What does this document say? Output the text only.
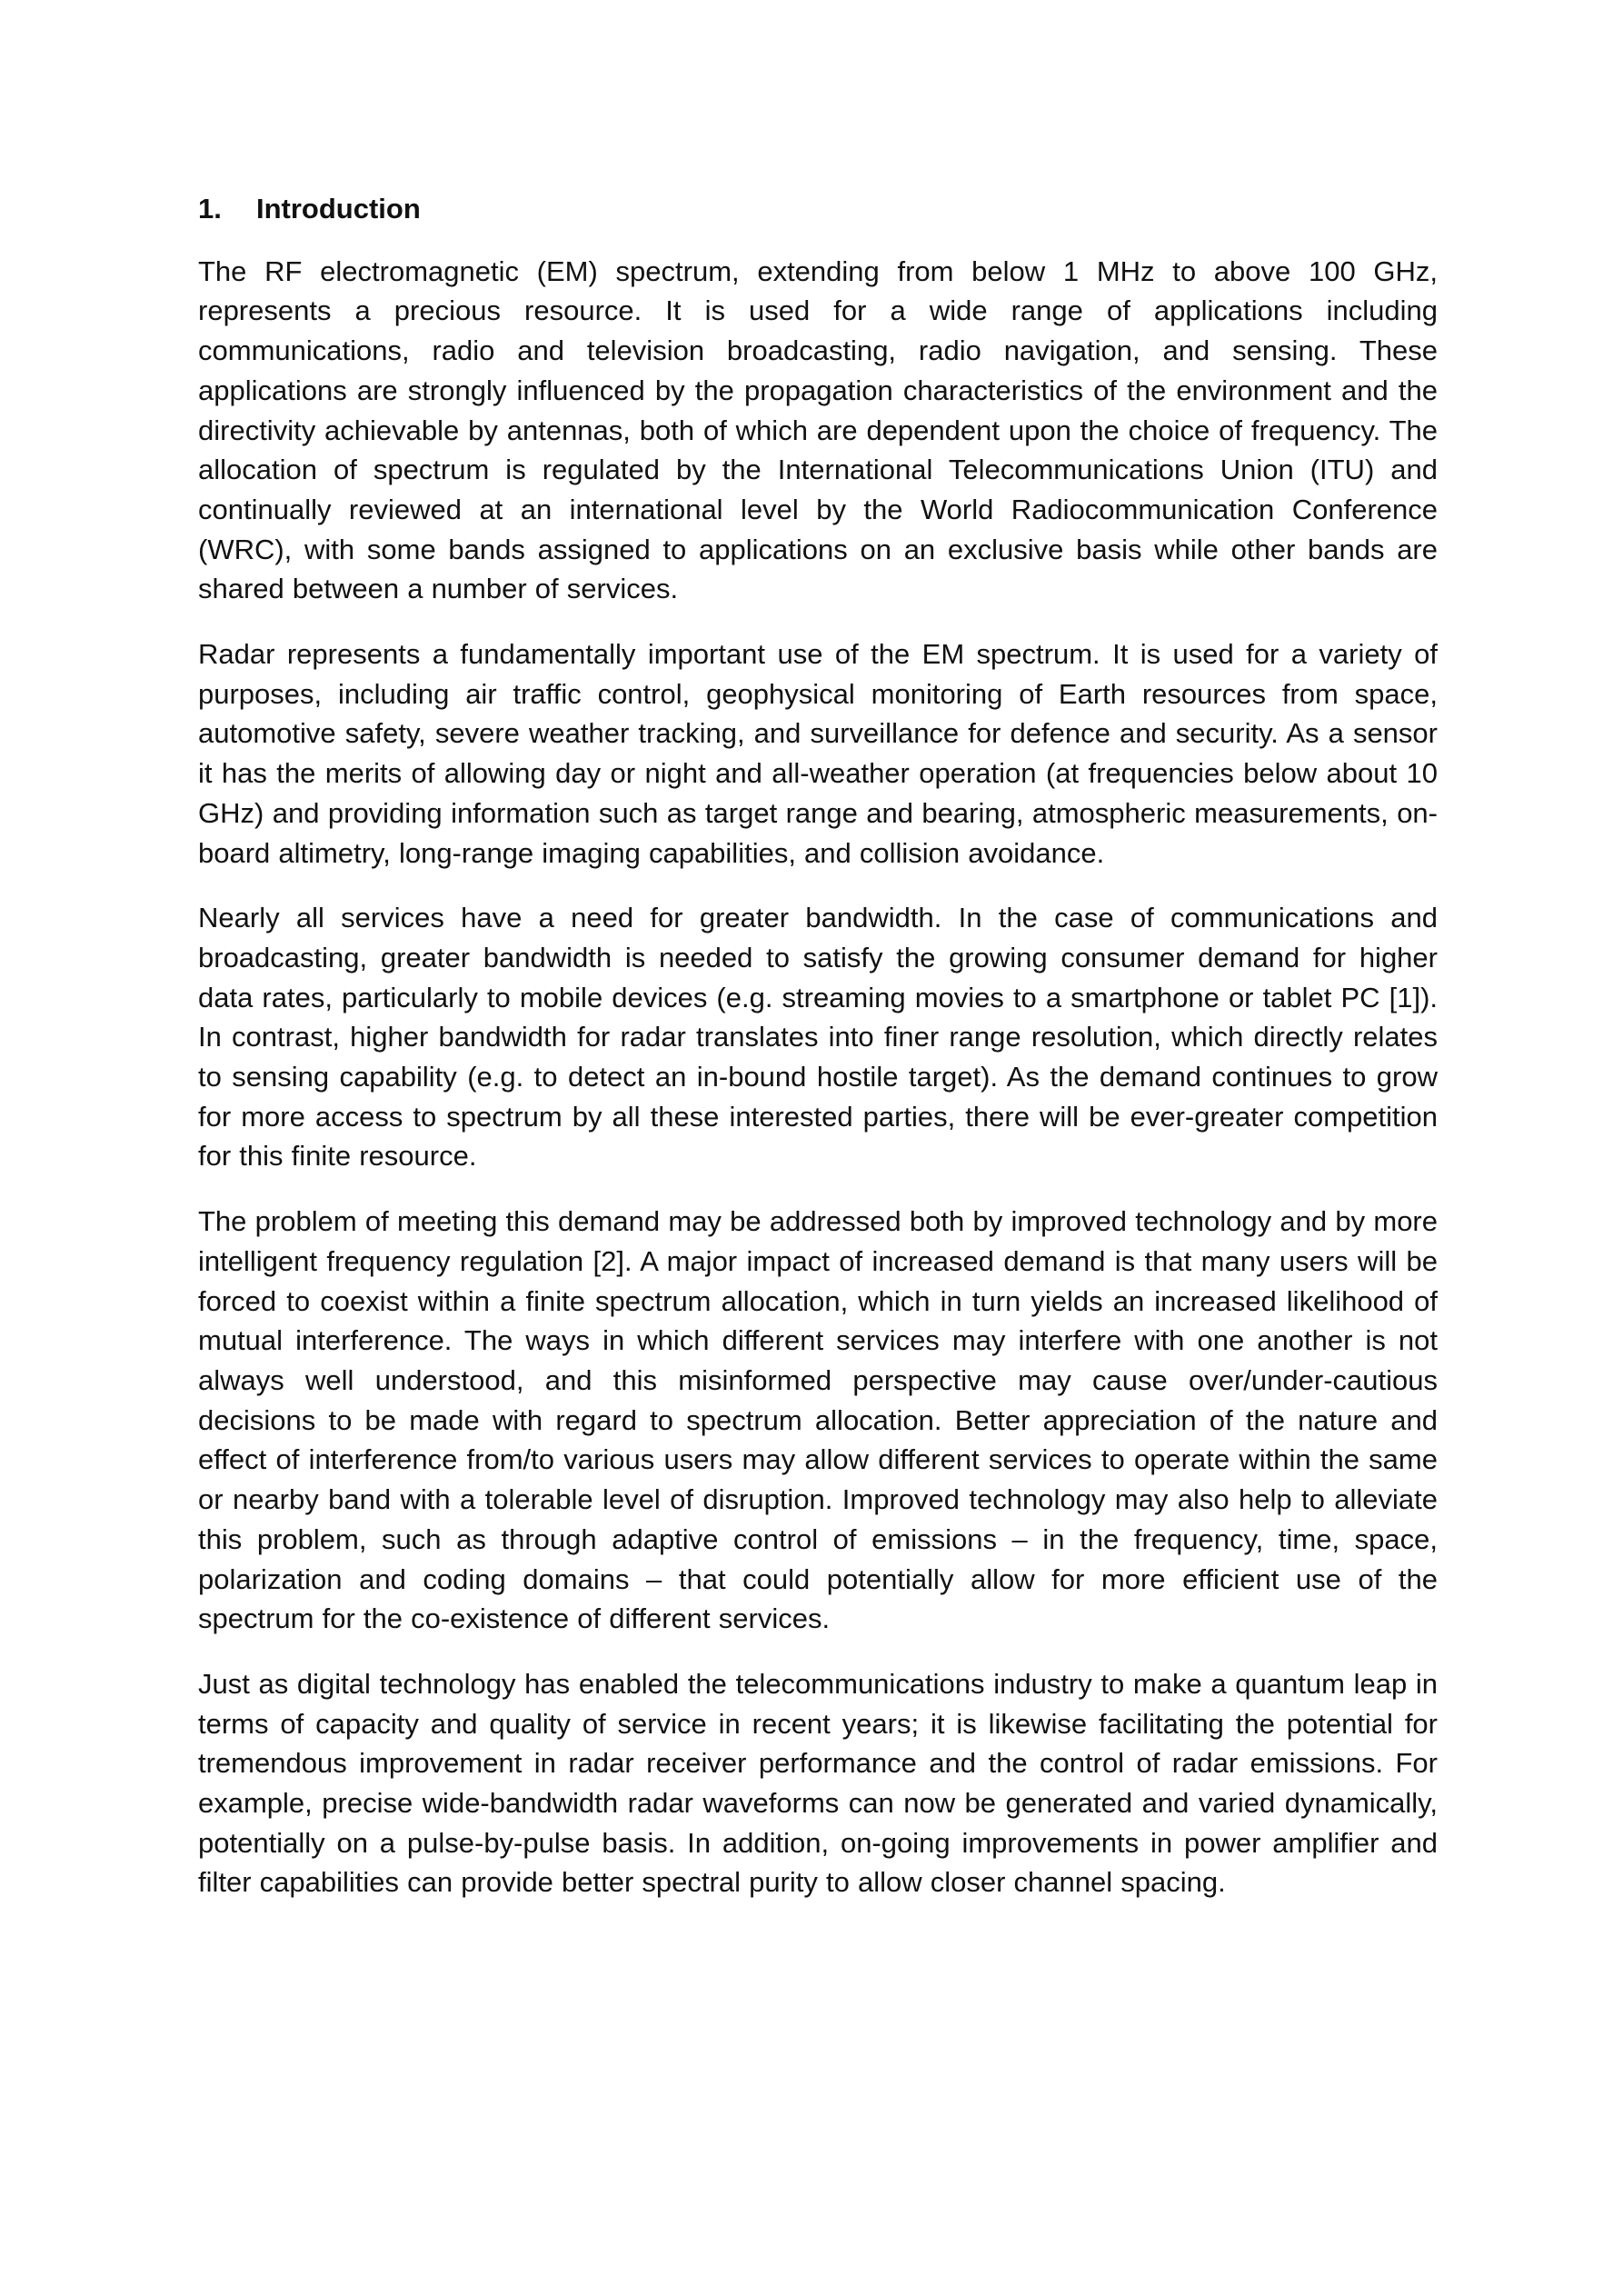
1.	Introduction

The RF electromagnetic (EM) spectrum, extending from below 1 MHz to above 100 GHz, represents a precious resource. It is used for a wide range of applications including communications, radio and television broadcasting, radio navigation, and sensing. These applications are strongly influenced by the propagation characteristics of the environment and the directivity achievable by antennas, both of which are dependent upon the choice of frequency. The allocation of spectrum is regulated by the International Telecommunications Union (ITU) and continually reviewed at an international level by the World Radiocommunication Conference (WRC), with some bands assigned to applications on an exclusive basis while other bands are shared between a number of services.

Radar represents a fundamentally important use of the EM spectrum. It is used for a variety of purposes, including air traffic control, geophysical monitoring of Earth resources from space, automotive safety, severe weather tracking, and surveillance for defence and security. As a sensor it has the merits of allowing day or night and all-weather operation (at frequencies below about 10 GHz) and providing information such as target range and bearing, atmospheric measurements, on-board altimetry, long-range imaging capabilities, and collision avoidance.

Nearly all services have a need for greater bandwidth. In the case of communications and broadcasting, greater bandwidth is needed to satisfy the growing consumer demand for higher data rates, particularly to mobile devices (e.g. streaming movies to a smartphone or tablet PC [1]). In contrast, higher bandwidth for radar translates into finer range resolution, which directly relates to sensing capability (e.g. to detect an in-bound hostile target). As the demand continues to grow for more access to spectrum by all these interested parties, there will be ever-greater competition for this finite resource.

The problem of meeting this demand may be addressed both by improved technology and by more intelligent frequency regulation [2]. A major impact of increased demand is that many users will be forced to coexist within a finite spectrum allocation, which in turn yields an increased likelihood of mutual interference. The ways in which different services may interfere with one another is not always well understood, and this misinformed perspective may cause over/under-cautious decisions to be made with regard to spectrum allocation. Better appreciation of the nature and effect of interference from/to various users may allow different services to operate within the same or nearby band with a tolerable level of disruption. Improved technology may also help to alleviate this problem, such as through adaptive control of emissions – in the frequency, time, space, polarization and coding domains – that could potentially allow for more efficient use of the spectrum for the co-existence of different services.

Just as digital technology has enabled the telecommunications industry to make a quantum leap in terms of capacity and quality of service in recent years; it is likewise facilitating the potential for tremendous improvement in radar receiver performance and the control of radar emissions. For example, precise wide-bandwidth radar waveforms can now be generated and varied dynamically, potentially on a pulse-by-pulse basis. In addition, on-going improvements in power amplifier and filter capabilities can provide better spectral purity to allow closer channel spacing.
